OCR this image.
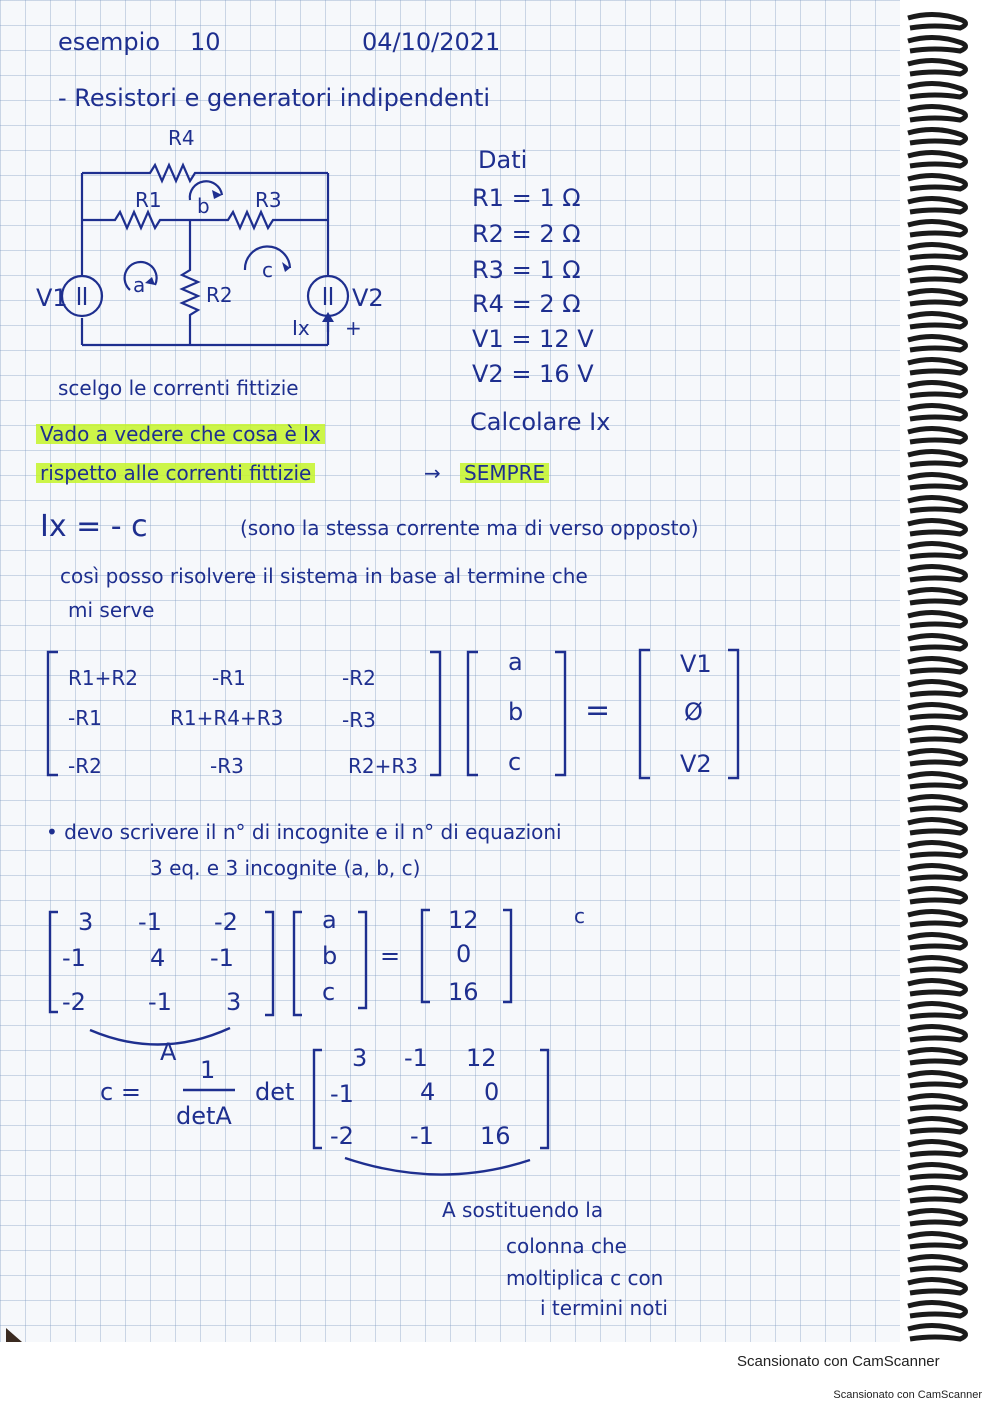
esempio 10	04/10/2021
- Resistori e generatori indipendenti
R4
R1	R3
R2
V1	V2
Ix +
a
b
c
Dati
R1 = 1 Ω
R2 = 2 Ω
R3 = 1 Ω
R4 = 2 Ω
V1 = 12 V
V2 = 16 V
Calcolare Ix
scelgo le correnti fittizie
Vado a vedere che cosa è Ix
rispetto alle correnti fittizie	→ SEMPRE
Ix = - c	(sono la stessa corrente ma di verso opposto)
così posso risolvere il sistema in base al termine che
mi serve
R1+R2	-R1	-R2
-R1	R1+R4+R3	-R3
-R2	-R3	R2+R3
a
b
c
=
V1
Ø
V2
• devo scrivere il n° di incognite e il n° di equazioni
3 eq. e 3 incognite (a, b, c)
3 -1 -2
-1	4 -1
-2	-1 3
a
b
c
=
12
0
16
c
A
c =
1
detA
det
3 -1 12
-1	4 0
-2 -1 16
A sostituendo la
colonna che
moltiplica c con
i termini noti
Scansionato con CamScanner
Scansionato con CamScanner
